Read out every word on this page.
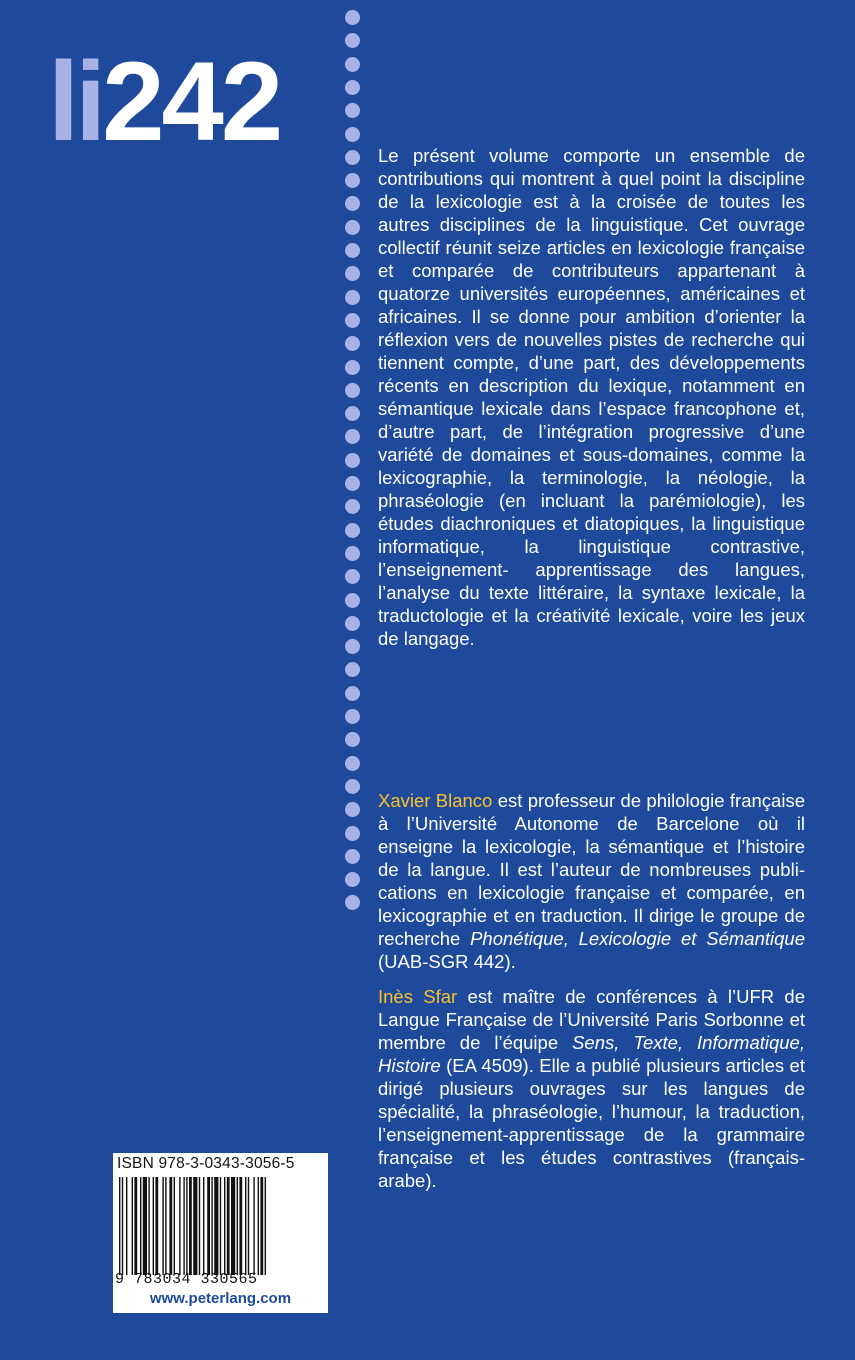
li 242	Le présent volume comporte un ensemble de contributions qui montrent à quel point la discipline de la lexicologie est à la croisée de toutes les autres disciplines de la linguistique. Cet ouvrage collectif réunit seize articles en lexicologie française et comparée de contributeurs appartenant à quatorze universités européennes, américaines et africaines. Il se donne pour ambition d’orienter la réflexion vers de nouvelles pistes de recherche qui tiennent compte, d’une part, des développements récents en description du lexique, notamment en sémantique lexicale dans l’espace francophone et, d’autre part, de l’intégration progressive d’une variété de domaines et sous-domaines, comme la lexicographie, la terminologie, la néologie, la phraséologie (en incluant la parémiologie), les études diachroniques et diatopiques, la linguistique informatique, la linguistique contrastive, l’enseignement- apprentissage des langues, l’analyse du texte littéraire, la syntaxe lexicale, la traductologie et la créativité lexicale, voire les jeux de langage.

Xavier Blanco est professeur de philologie française à l’Université Autonome de Barcelone où il enseigne la lexicologie, la sémantique et l’histoire de la langue. Il est l’auteur de nombreuses publications en lexicologie française et comparée, en lexicographie et en traduction. Il dirige le groupe de recherche Phonétique, Lexicologie et Sémantique (UAB-SGR 442).

Inès Sfar est maître de conférences à l’UFR de Langue Française de l’Université Paris Sorbonne et membre de l’équipe Sens, Texte, Informatique, Histoire (EA 4509). Elle a publié plusieurs articles et dirigé plusieurs ouvrages sur les langues de spécialité, la phraséologie, l’humour, la traduction, l’enseignement-apprentissage de la grammaire française et les études contrastives (français-arabe).

ISBN 978-3-0343-3056-5
9 783034 330565
www.peterlang.com
